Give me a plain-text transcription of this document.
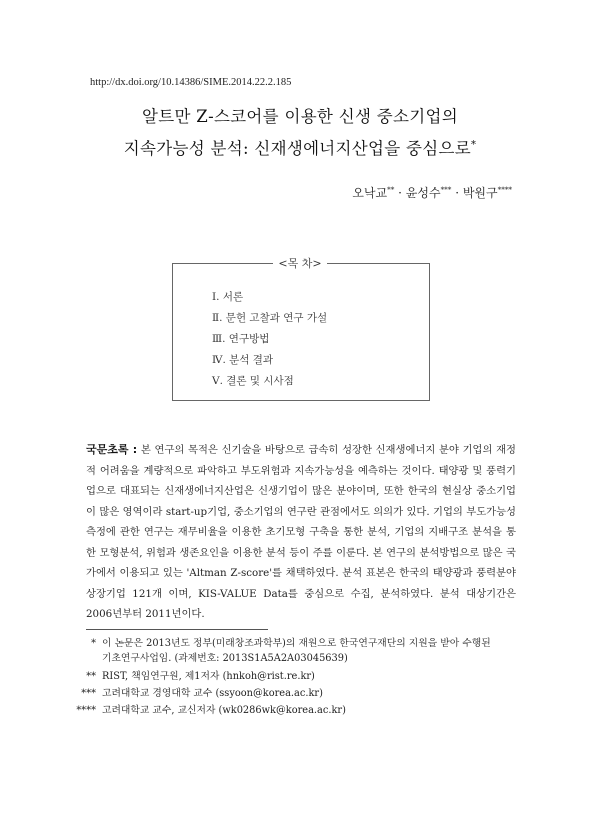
http://dx.doi.org/10.14386/SIME.2014.22.2.185
알트만 Z-스코어를 이용한 신생 중소기업의
지속가능성 분석: 신재생에너지산업을 중심으로*
오낙교** · 윤성수*** · 박원구****
<목 차>
Ⅰ. 서론
Ⅱ. 문헌 고찰과 연구 가설
Ⅲ. 연구방법
Ⅳ. 분석 결과
Ⅴ. 결론 및 시사점

국문초록 : 본 연구의 목적은 신기술을 바탕으로 급속히 성장한 신재생에너지 분야 기업의 재정적 어려움을 계량적으로 파악하고 부도위험과 지속가능성을 예측하는 것이다. 태양광 및 풍력기업으로 대표되는 신재생에너지산업은 신생기업이 많은 분야이며, 또한 한국의 현실상 중소기업이 많은 영역이라 start-up기업, 중소기업의 연구란 관점에서도 의의가 있다. 기업의 부도가능성 측정에 관한 연구는 재무비율을 이용한 초기모형 구축을 통한 분석, 기업의 지배구조 분석을 통한 모형분석, 위험과 생존요인을 이용한 분석 등이 주를 이룬다. 본 연구의 분석방법으로 많은 국가에서 이용되고 있는 'Altman Z-score'를 채택하였다. 분석 표본은 한국의 태양광과 풍력분야 상장기업 121개 이며, KIS-VALUE Data를 중심으로 수집, 분석하였다. 분석 대상기간은 2006년부터 2011년이다.

* 이 논문은 2013년도 정부(미래창조과학부)의 재원으로 한국연구재단의 지원을 받아 수행된
기초연구사업임. (과제번호: 2013S1A5A2A03045639)
** RIST, 책임연구원, 제1저자 (hnkoh@rist.re.kr)
*** 고려대학교 경영대학 교수 (ssyoon@korea.ac.kr)
**** 고려대학교 교수, 교신저자 (wk0286wk@korea.ac.kr)
